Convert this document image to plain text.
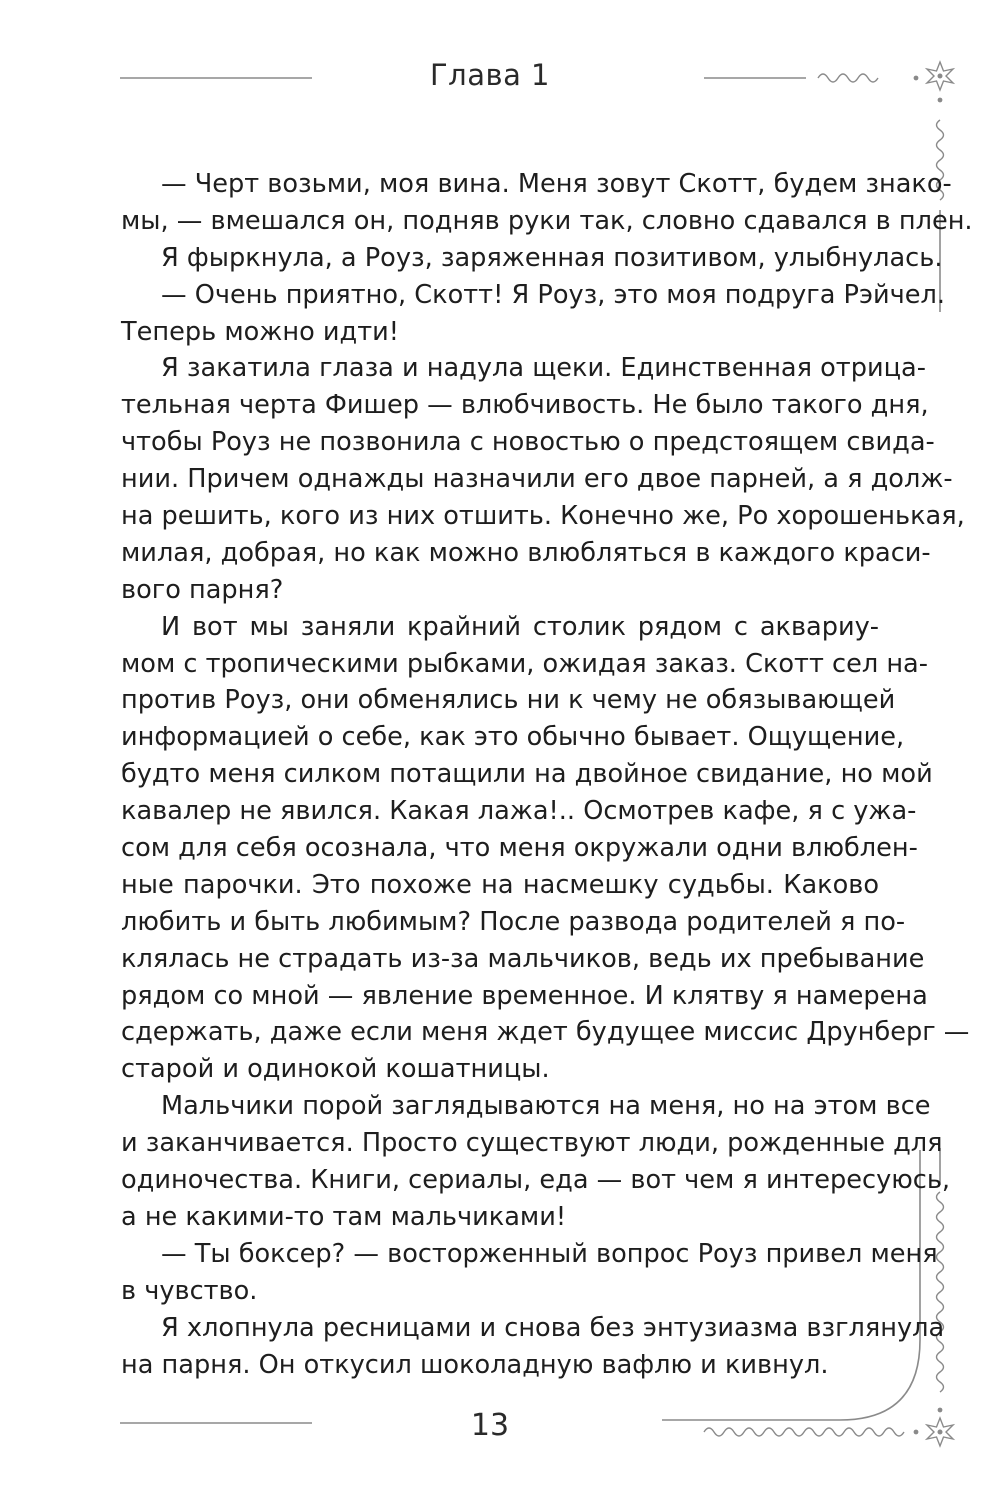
Глава 1
— Черт возьми, моя вина. Меня зовут Скотт, будем знако-
мы, — вмешался он, подняв руки так, словно сдавался в плен.
Я фыркнула, а Роуз, заряженная позитивом, улыбнулась.
— Очень приятно, Скотт! Я Роуз, это моя подруга Рэйчел.
Теперь можно идти!
Я закатила глаза и надула щеки. Единственная отрица-
тельная черта Фишер — влюбчивость. Не было такого дня,
чтобы Роуз не позвонила с новостью о предстоящем свида-
нии. Причем однажды назначили его двое парней, а я долж-
на решить, кого из них отшить. Конечно же, Ро хорошенькая,
милая, добрая, но как можно влюбляться в каждого краси-
вого парня?
И вот мы заняли крайний столик рядом с аквариу-
мом с тропическими рыбками, ожидая заказ. Скотт сел на-
против Роуз, они обменялись ни к чему не обязывающей
информацией о себе, как это обычно бывает. Ощущение,
будто меня силком потащили на двойное свидание, но мой
кавалер не явился. Какая лажа!.. Осмотрев кафе, я с ужа-
сом для себя осознала, что меня окружали одни влюблен-
ные парочки. Это похоже на насмешку судьбы. Каково
любить и быть любимым? После развода родителей я по-
клялась не страдать из-за мальчиков, ведь их пребывание
рядом со мной — явление временное. И клятву я намерена
сдержать, даже если меня ждет будущее миссис Друнберг —
старой и одинокой кошатницы.
Мальчики порой заглядываются на меня, но на этом все
и заканчивается. Просто существуют люди, рожденные для
одиночества. Книги, сериалы, еда — вот чем я интересуюсь,
а не какими-то там мальчиками!
— Ты боксер? — восторженный вопрос Роуз привел меня
в чувство.
Я хлопнула ресницами и снова без энтузиазма взглянула
на парня. Он откусил шоколадную вафлю и кивнул.
13
